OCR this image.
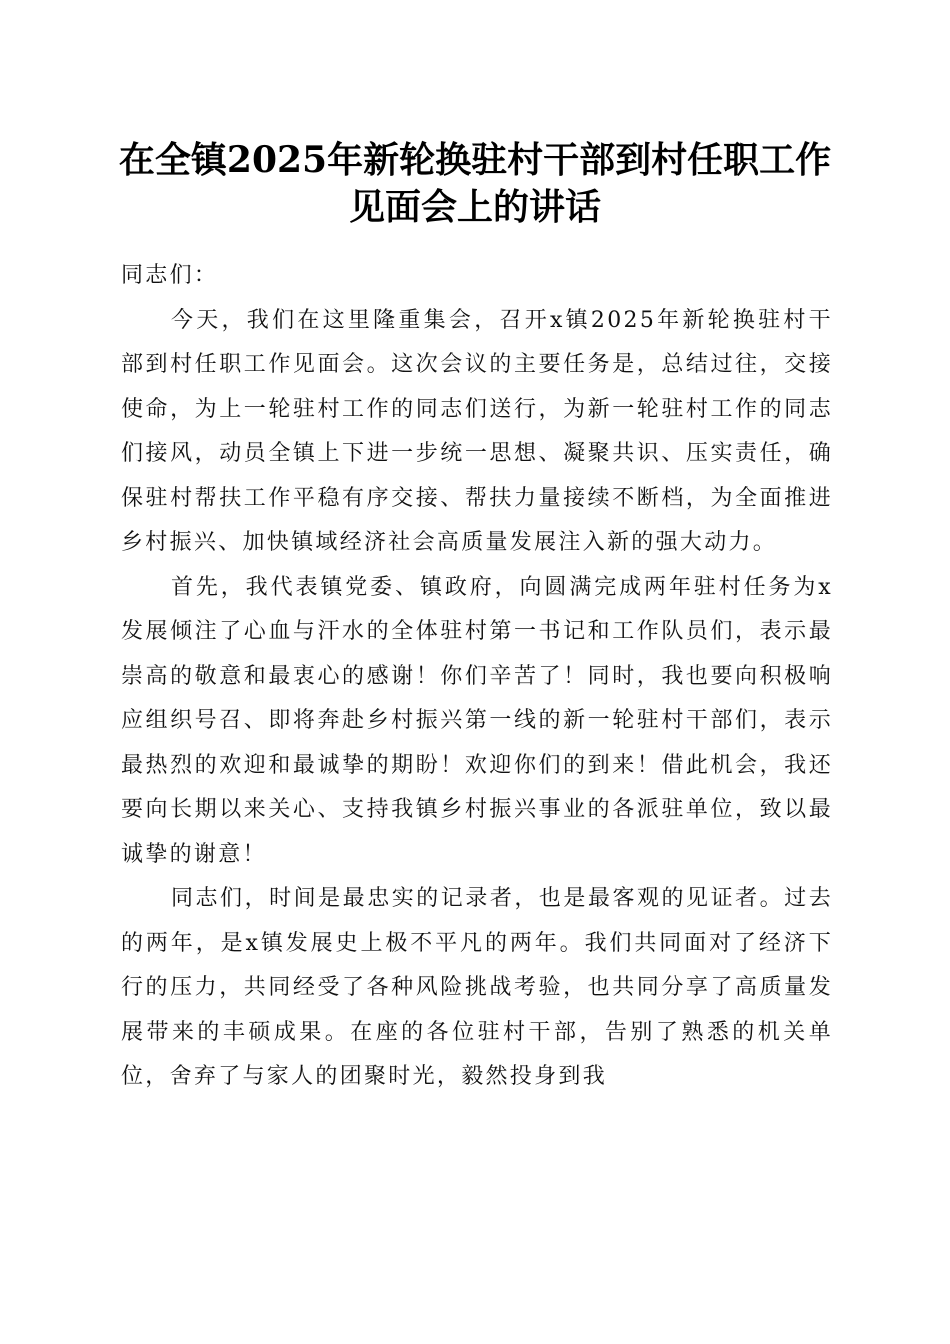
在全镇2025年新轮换驻村干部到村任职工作
见面会上的讲话

同志们：

今天，我们在这里隆重集会，召开x镇2025年新轮换驻村干部到村任职工作见面会。这次会议的主要任务是，总结过往，交接使命，为上一轮驻村工作的同志们送行，为新一轮驻村工作的同志们接风，动员全镇上下进一步统一思想、凝聚共识、压实责任，确保驻村帮扶工作平稳有序交接、帮扶力量接续不断档，为全面推进乡村振兴、加快镇域经济社会高质量发展注入新的强大动力。

首先，我代表镇党委、镇政府，向圆满完成两年驻村任务为x发展倾注了心血与汗水的全体驻村第一书记和工作队员们，表示最崇高的敬意和最衷心的感谢！你们辛苦了！同时，我也要向积极响应组织号召、即将奔赴乡村振兴第一线的新一轮驻村干部们，表示最热烈的欢迎和最诚挚的期盼！欢迎你们的到来！借此机会，我还要向长期以来关心、支持我镇乡村振兴事业的各派驻单位，致以最诚挚的谢意！

同志们，时间是最忠实的记录者，也是最客观的见证者。过去的两年，是x镇发展史上极不平凡的两年。我们共同面对了经济下行的压力，共同经受了各种风险挑战考验，也共同分享了高质量发展带来的丰硕成果。在座的各位驻村干部，告别了熟悉的机关单位，舍弃了与家人的团聚时光，毅然投身到我
